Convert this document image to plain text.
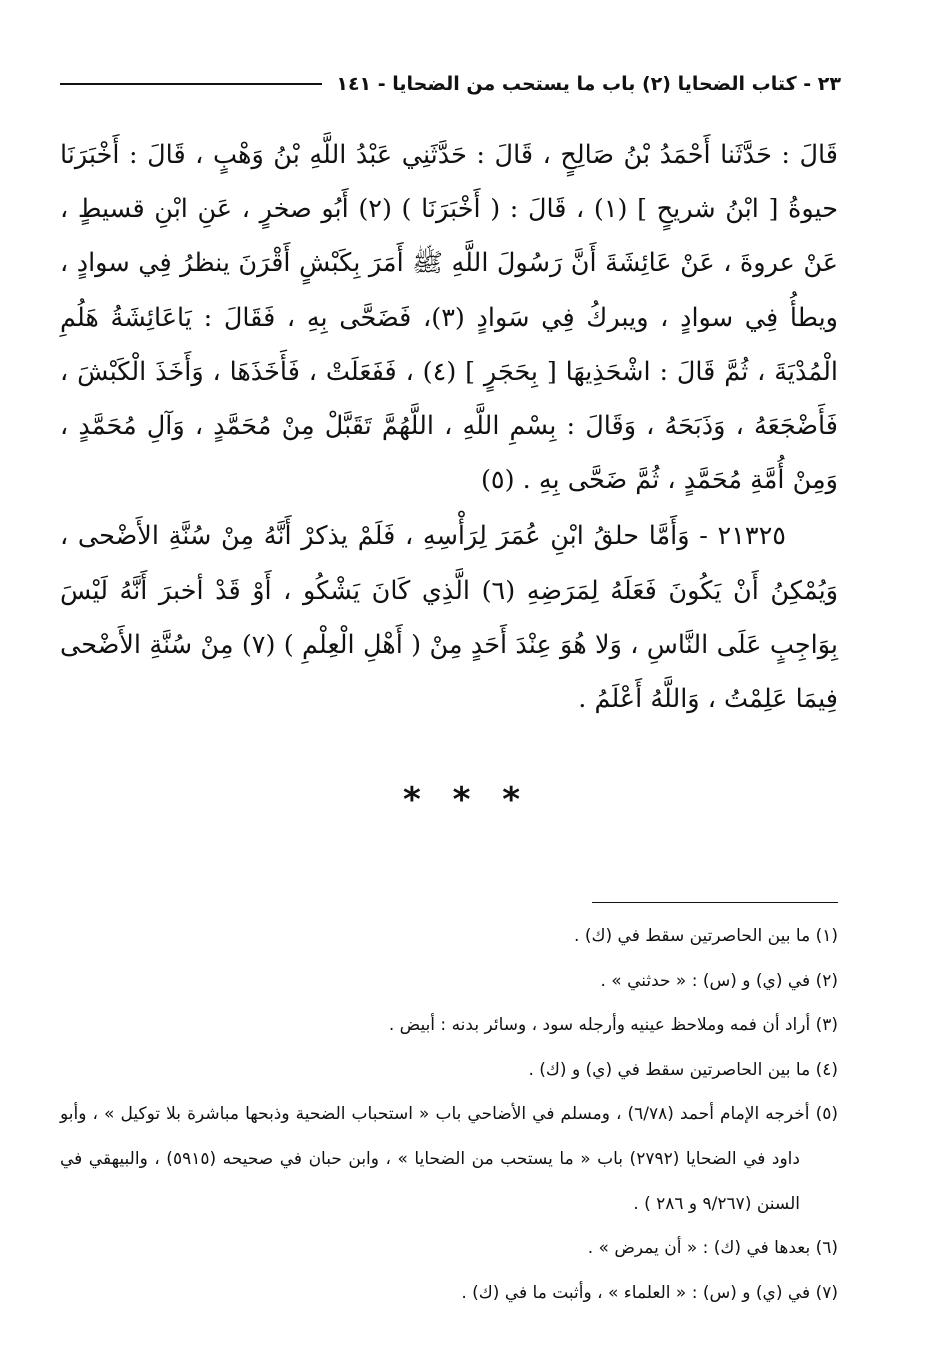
٢٣ - كتاب الضحايا (٢) باب ما يستحب من الضحايا - ١٤١

قَالَ : حَدَّثَنا أَحْمَدُ بْنُ صَالِحٍ ، قَالَ : حَدَّثَنِي عَبْدُ اللَّهِ بْنُ وَهْبٍ ، قَالَ : أَخْبَرَنَا حيوةُ [ ابْنُ شريحٍ ] (١) ، قَالَ : ( أَخْبَرَنَا ) (٢) أَبُو صخرٍ ، عَنِ ابْنِ قسيطٍ ، عَنْ عروةَ ، عَنْ عَائِشَةَ أَنَّ رَسُولَ اللَّهِ ﷺ أَمَرَ بِكَبْشٍ أَقْرَنَ ينظرُ فِي سوادٍ ، ويطأُ فِي سوادٍ ، ويبركُ فِي سَوادٍ (٣)، فَضَحَّى بِهِ ، فَقَالَ : يَاعَائِشَةُ هَلُمِ الْمُدْيَةَ ، ثُمَّ قَالَ : اشْحَذِيهَا [ بِحَجَرٍ ] (٤) ، فَفَعَلَتْ ، فَأَخَذَهَا ، وَأَخَذَ الْكَبْشَ ، فَأَضْجَعَهُ ، وَذَبَحَهُ ، وَقَالَ : بِسْمِ اللَّهِ ، اللَّهُمَّ تَقَبَّلْ مِنْ مُحَمَّدٍ ، وَآلِ مُحَمَّدٍ ، وَمِنْ أُمَّةِ مُحَمَّدٍ ، ثُمَّ ضَحَّى بِهِ . (٥)

٢١٣٢٥ - وَأَمَّا حلقُ ابْنِ عُمَرَ لِرَأْسِهِ ، فَلَمْ يذكرْ أَنَّهُ مِنْ سُنَّةِ الأَضْحى ، وَيُمْكِنُ أَنْ يَكُونَ فَعَلَهُ لِمَرَضِهِ (٦) الَّذِي كَانَ يَشْكُو ، أَوْ قَدْ أخبرَ أَنَّهُ لَيْسَ بِوَاجِبٍ عَلَى النَّاسِ ، وَلا هُوَ عِنْدَ أَحَدٍ مِنْ ( أَهْلِ الْعِلْمِ ) (٧) مِنْ سُنَّةِ الأَضْحى فِيمَا عَلِمْتُ ، وَاللَّهُ أَعْلَمُ .

* * *
(١) ما بين الحاصرتين سقط في (ك) .
(٢) في (ي) و (س) : « حدثني » .
(٣) أراد أن فمه وملاحظ عينيه وأرجله سود ، وسائر بدنه : أبيض .
(٤) ما بين الحاصرتين سقط في (ي) و (ك) .
(٥) أخرجه الإمام أحمد (٦/٧٨) ، ومسلم في الأضاحي باب « استحباب الضحية وذبحها مباشرة بلا توكيل » ، وأبو داود في الضحايا (٢٧٩٢) باب « ما يستحب من الضحايا » ، وابن حبان في صحيحه (٥٩١٥) ، والبيهقي في السنن (٩/٢٦٧ و ٢٨٦ ) .
(٦) بعدها في (ك) : « أن يمرض » .
(٧) في (ي) و (س) : « العلماء » ، وأثبت ما في (ك) .
